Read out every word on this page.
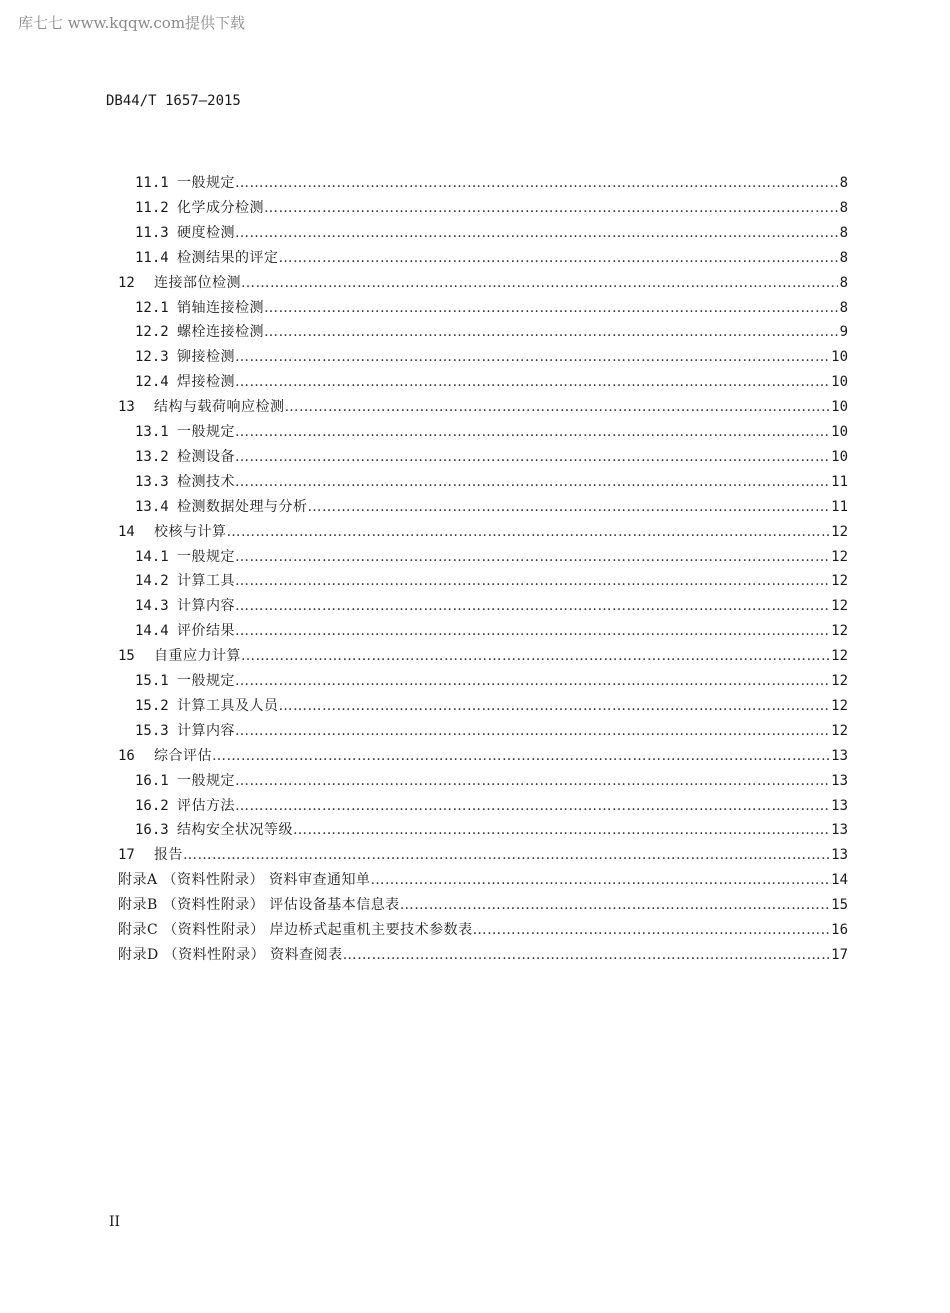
库七七 www.kqqw.com提供下载
DB44/T 1657—2015
11.1 一般规定 ……………………………………………………………………………………………………………………………………………………………………………………………………	8
11.2 化学成分检测 ……………………………………………………………………………………………………………………………………………………………………………………………………	8
11.3 硬度检测 ……………………………………………………………………………………………………………………………………………………………………………………………………	8
11.4 检测结果的评定 ……………………………………………………………………………………………………………………………………………………………………………………………………	8
12	连接部位检测 ……………………………………………………………………………………………………………………………………………………………………………………………………	8
12.1 销轴连接检测 ……………………………………………………………………………………………………………………………………………………………………………………………………	8
12.2 螺栓连接检测 ……………………………………………………………………………………………………………………………………………………………………………………………………	9
12.3 铆接检测 ……………………………………………………………………………………………………………………………………………………………………………………………………	10
12.4 焊接检测 ……………………………………………………………………………………………………………………………………………………………………………………………………	10
13	结构与载荷响应检测 ……………………………………………………………………………………………………………………………………………………………………………………………………	10
13.1 一般规定 ……………………………………………………………………………………………………………………………………………………………………………………………………	10
13.2 检测设备 ……………………………………………………………………………………………………………………………………………………………………………………………………	10
13.3 检测技术 ……………………………………………………………………………………………………………………………………………………………………………………………………	11
13.4 检测数据处理与分析 ……………………………………………………………………………………………………………………………………………………………………………………………………	11
14	校核与计算 ……………………………………………………………………………………………………………………………………………………………………………………………………	12
14.1 一般规定 ……………………………………………………………………………………………………………………………………………………………………………………………………	12
14.2 计算工具 ……………………………………………………………………………………………………………………………………………………………………………………………………	12
14.3 计算内容 ……………………………………………………………………………………………………………………………………………………………………………………………………	12
14.4 评价结果 ……………………………………………………………………………………………………………………………………………………………………………………………………	12
15	自重应力计算 ……………………………………………………………………………………………………………………………………………………………………………………………………	12
15.1 一般规定 ……………………………………………………………………………………………………………………………………………………………………………………………………	12
15.2 计算工具及人员 ……………………………………………………………………………………………………………………………………………………………………………………………………	12
15.3 计算内容 ……………………………………………………………………………………………………………………………………………………………………………………………………	12
16	综合评估 ……………………………………………………………………………………………………………………………………………………………………………………………………	13
16.1 一般规定 ……………………………………………………………………………………………………………………………………………………………………………………………………	13
16.2 评估方法 ……………………………………………………………………………………………………………………………………………………………………………………………………	13
16.3 结构安全状况等级 ……………………………………………………………………………………………………………………………………………………………………………………………………	13
17	报告 ……………………………………………………………………………………………………………………………………………………………………………………………………	13
附录A （资料性附录） 资料审查通知单 ……………………………………………………………………………………………………………………………………………………………………………………………………	14
附录B （资料性附录） 评估设备基本信息表 ……………………………………………………………………………………………………………………………………………………………………………………………………	15
附录C （资料性附录） 岸边桥式起重机主要技术参数表 ……………………………………………………………………………………………………………………………………………………………………………………………………	16
附录D （资料性附录） 资料查阅表 ……………………………………………………………………………………………………………………………………………………………………………………………………	17
II
